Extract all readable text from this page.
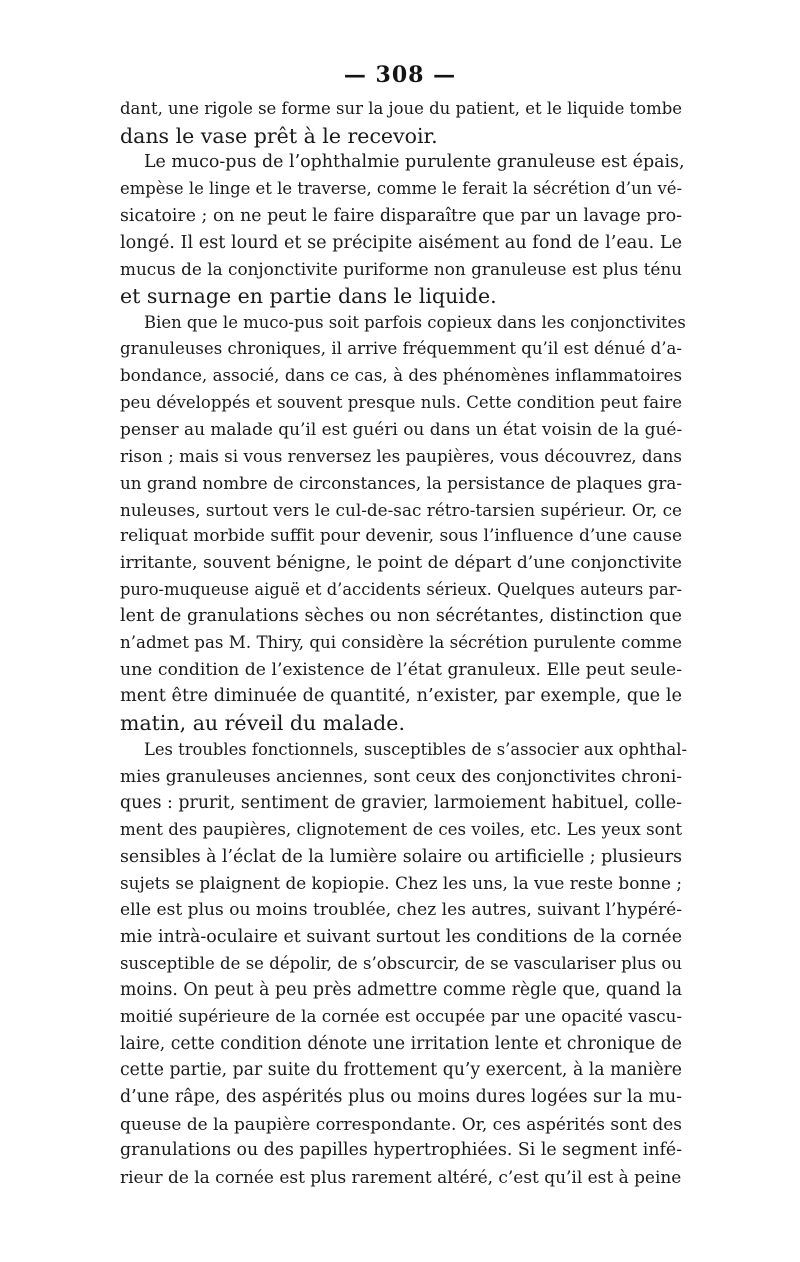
— 308 —
dant, une rigole se forme sur la joue du patient, et le liquide tombe
dans le vase prêt à le recevoir.
Le muco-pus de l’ophthalmie purulente granuleuse est épais,
empèse le linge et le traverse, comme le ferait la sécrétion d’un vé-
sicatoire ; on ne peut le faire disparaître que par un lavage pro-
longé. Il est lourd et se précipite aisément au fond de l’eau. Le
mucus de la conjonctivite puriforme non granuleuse est plus ténu
et surnage en partie dans le liquide.
Bien que le muco-pus soit parfois copieux dans les conjonctivites
granuleuses chroniques, il arrive fréquemment qu’il est dénué d’a-
bondance, associé, dans ce cas, à des phénomènes inflammatoires
peu développés et souvent presque nuls. Cette condition peut faire
penser au malade qu’il est guéri ou dans un état voisin de la gué-
rison ; mais si vous renversez les paupières, vous découvrez, dans
un grand nombre de circonstances, la persistance de plaques gra-
nuleuses, surtout vers le cul-de-sac rétro-tarsien supérieur. Or, ce
reliquat morbide suffit pour devenir, sous l’influence d’une cause
irritante, souvent bénigne, le point de départ d’une conjonctivite
puro-muqueuse aiguë et d’accidents sérieux. Quelques auteurs par-
lent de granulations sèches ou non sécrétantes, distinction que
n’admet pas M. Thiry, qui considère la sécrétion purulente comme
une condition de l’existence de l’état granuleux. Elle peut seule-
ment être diminuée de quantité, n’exister, par exemple, que le
matin, au réveil du malade.
Les troubles fonctionnels, susceptibles de s’associer aux ophthal-
mies granuleuses anciennes, sont ceux des conjonctivites chroni-
ques : prurit, sentiment de gravier, larmoiement habituel, colle-
ment des paupières, clignotement de ces voiles, etc. Les yeux sont
sensibles à l’éclat de la lumière solaire ou artificielle ; plusieurs
sujets se plaignent de kopiopie. Chez les uns, la vue reste bonne ;
elle est plus ou moins troublée, chez les autres, suivant l’hypéré-
mie intrà-oculaire et suivant surtout les conditions de la cornée
susceptible de se dépolir, de s’obscurcir, de se vasculariser plus ou
moins. On peut à peu près admettre comme règle que, quand la
moitié supérieure de la cornée est occupée par une opacité vascu-
laire, cette condition dénote une irritation lente et chronique de
cette partie, par suite du frottement qu’y exercent, à la manière
d’une râpe, des aspérités plus ou moins dures logées sur la mu-
queuse de la paupière correspondante. Or, ces aspérités sont des
granulations ou des papilles hypertrophiées. Si le segment infé-
rieur de la cornée est plus rarement altéré, c’est qu’il est à peine
